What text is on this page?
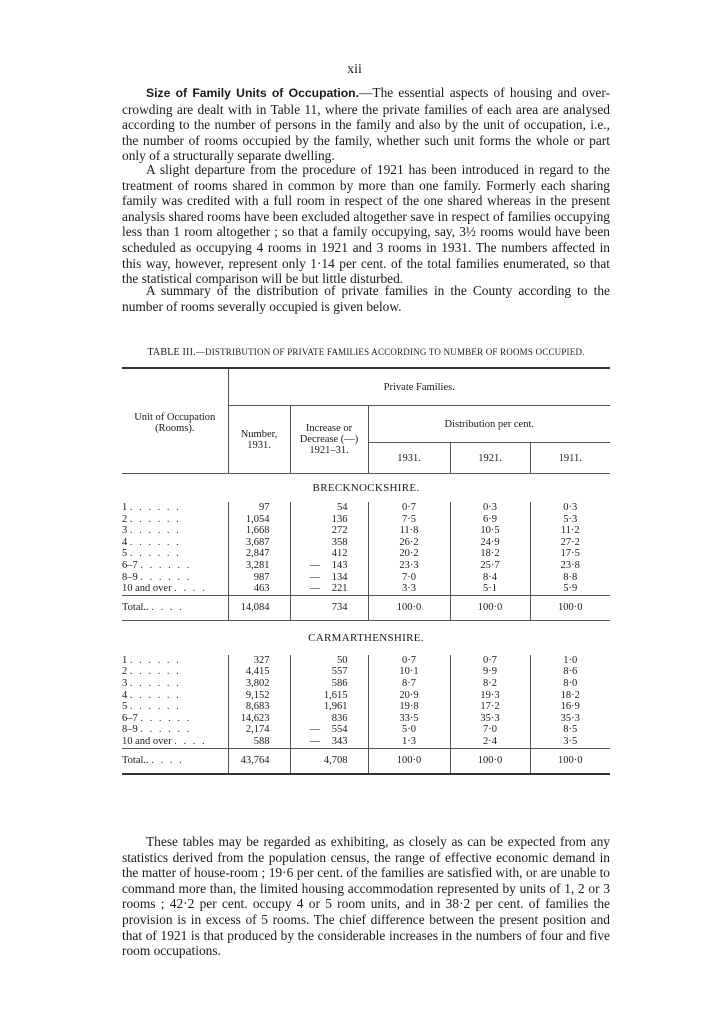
xii

Size of Family Units of Occupation.—The essential aspects of housing and over-crowding are dealt with in Table 11, where the private families of each area are analysed according to the number of persons in the family and also by the unit of occupation, i.e., the number of rooms occupied by the family, whether such unit forms the whole or part only of a structurally separate dwelling.

A slight departure from the procedure of 1921 has been introduced in regard to the treatment of rooms shared in common by more than one family. Formerly each sharing family was credited with a full room in respect of the one shared whereas in the present analysis shared rooms have been excluded altogether save in respect of families occupying less than 1 room altogether ; so that a family occupying, say, 3½ rooms would have been scheduled as occupying 4 rooms in 1921 and 3 rooms in 1931. The numbers affected in this way, however, represent only 1·14 per cent. of the total families enumerated, so that the statistical comparison will be but little disturbed.

A summary of the distribution of private families in the County according to the number of rooms severally occupied is given below.

TABLE III.—DISTRIBUTION OF PRIVATE FAMILIES ACCORDING TO NUMBER OF ROOMS OCCUPIED.
Unit of Occupation (Rooms).	Private Families.				
	Number, 1931.	Increase or Decrease (—) 1921–31.	Distribution per cent.		
			1931.	1921.	1911.
BRECKNOCKSHIRE.					
1 . . . . . .	97	54	0·7	0·3	0·3
2 . . . . . .	1,054	136	7·5	6·9	5·3
3 . . . . . .	1,668	272	11·8	10·5	11·2
4 . . . . . .	3,687	358	26·2	24·9	27·2
5 . . . . . .	2,847	412	20·2	18·2	17·5
6–7 . . . . . .	3,281	— 143	23·3	25·7	23·8
8–9 . . . . . .	987	— 134	7·0	8·4	8·8
10 and over . . . .	463	— 221	3·3	5·1	5·9
Total.. . . . .	14,084	734	100·0	100·0	100·0
CARMARTHENSHIRE.					
1 . . . . . .	327	50	0·7	0·7	1·0
2 . . . . . .	4,415	557	10·1	9·9	8·6
3 . . . . . .	3,802	586	8·7	8·2	8·0
4 . . . . . .	9,152	1,615	20·9	19·3	18·2
5 . . . . . .	8,683	1,961	19·8	17·2	16·9
6–7 . . . . . .	14,623	836	33·5	35·3	35·3
8–9 . . . . . .	2,174	— 554	5·0	7·0	8·5
10 and over . . . .	588	— 343	1·3	2·4	3·5
Total.. . . . .	43,764	4,708	100·0	100·0	100·0

These tables may be regarded as exhibiting, as closely as can be expected from any statistics derived from the population census, the range of effective economic demand in the matter of house-room ; 19·6 per cent. of the families are satisfied with, or are unable to command more than, the limited housing accommodation represented by units of 1, 2 or 3 rooms ; 42·2 per cent. occupy 4 or 5 room units, and in 38·2 per cent. of families the provision is in excess of 5 rooms. The chief difference between the present position and that of 1921 is that produced by the considerable increases in the numbers of four and five room occupations.
